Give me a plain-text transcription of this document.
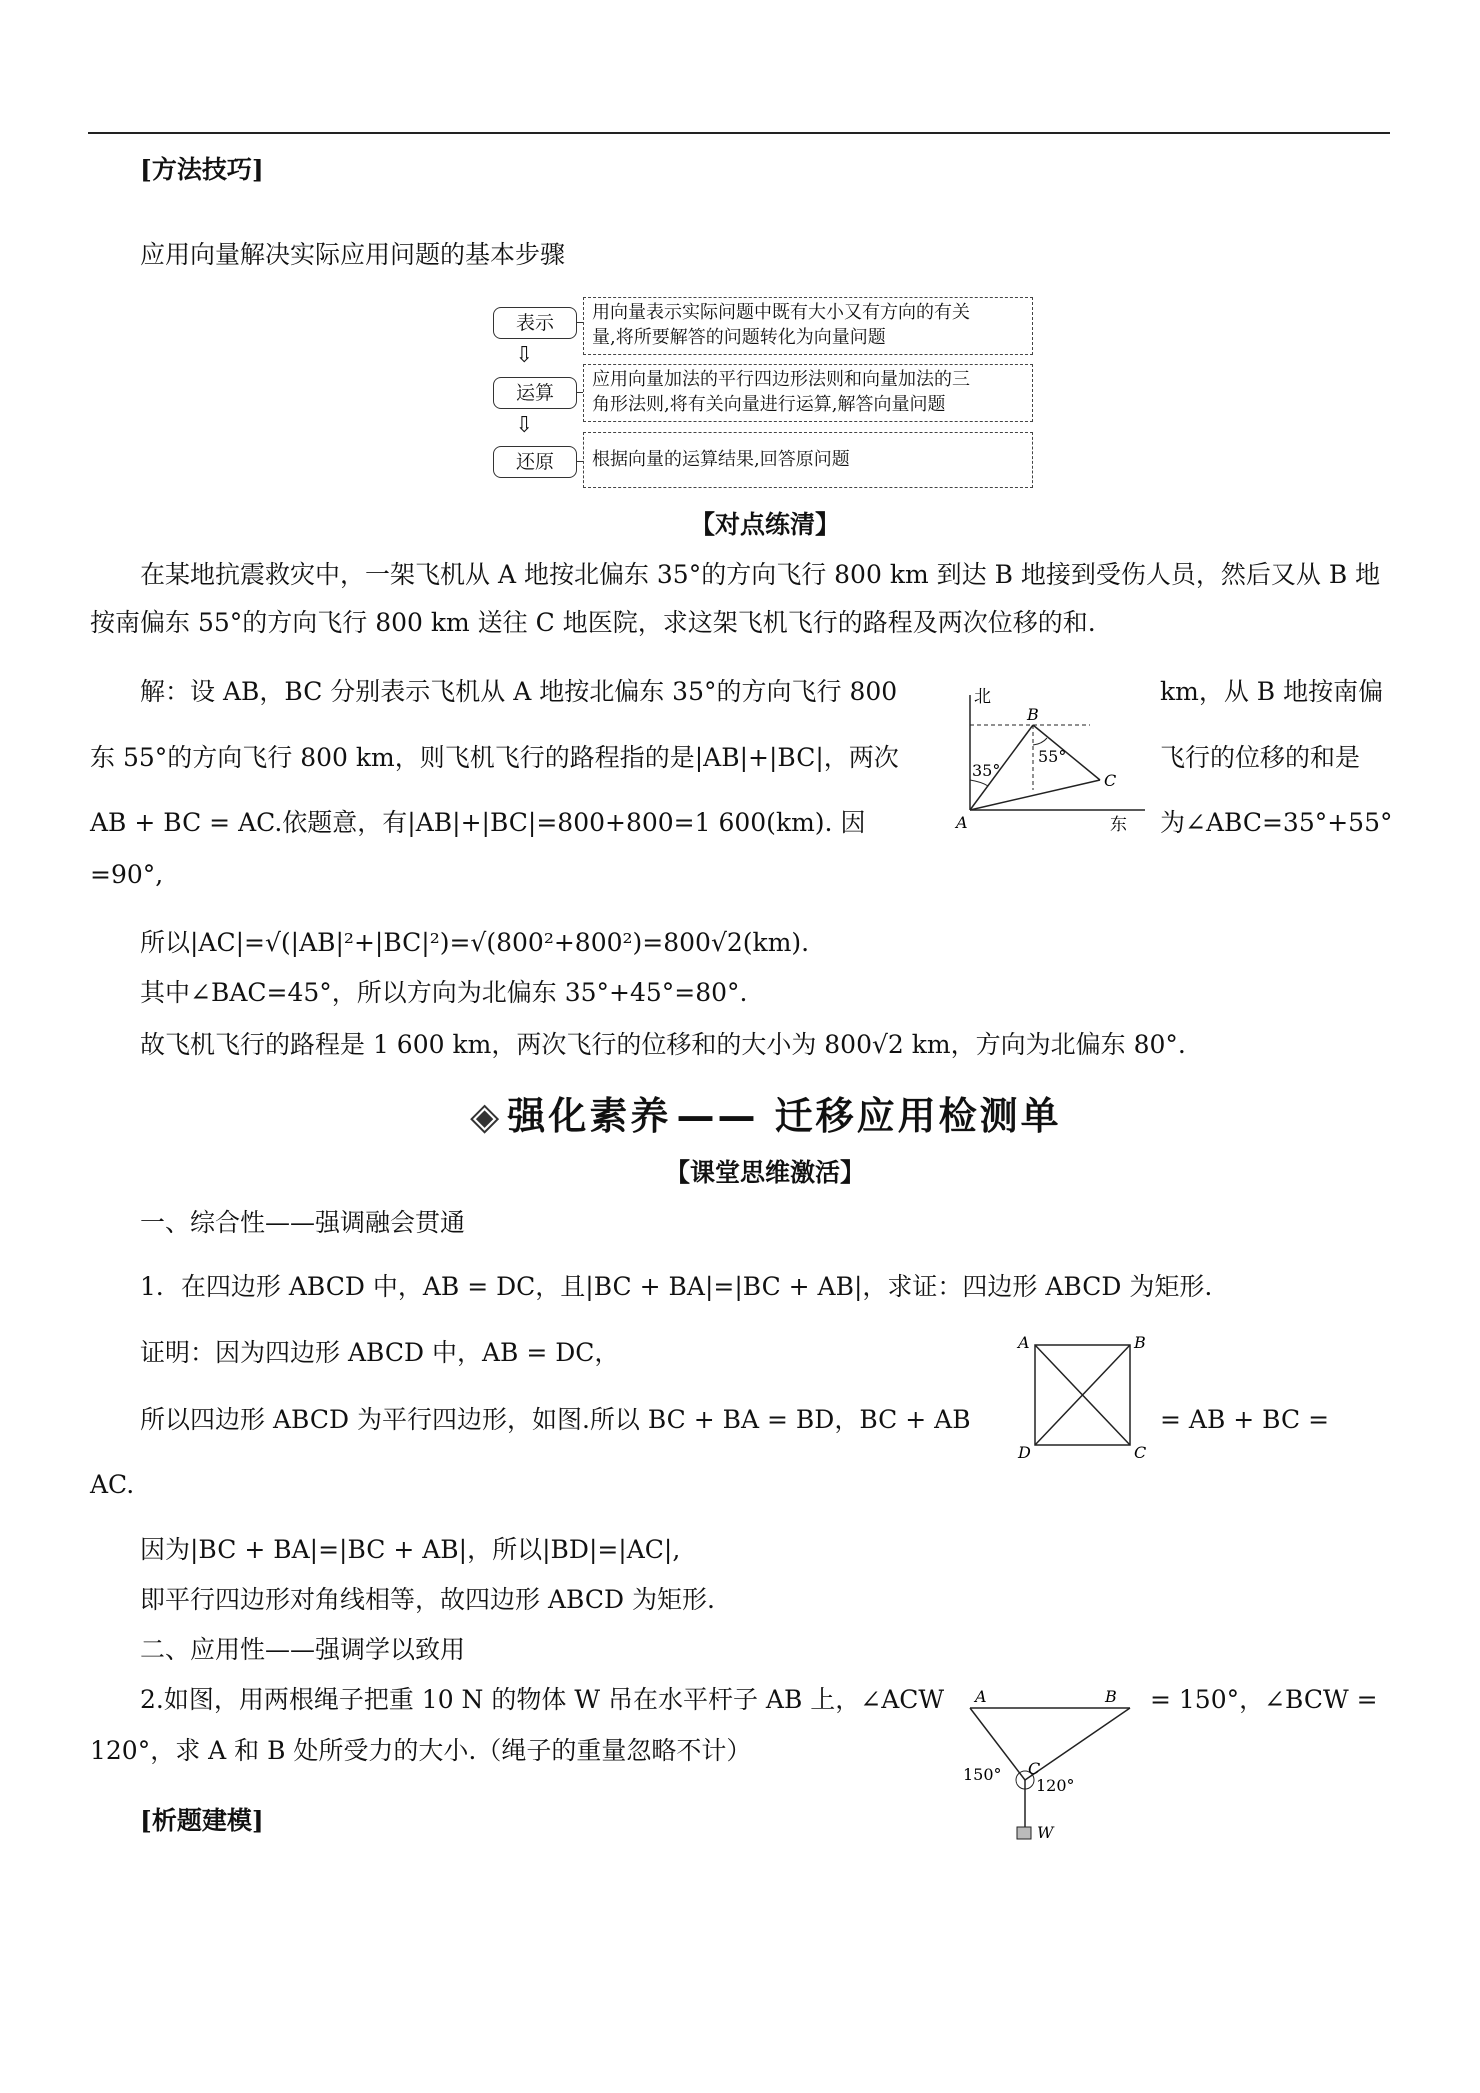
[方法技巧]
应用向量解决实际应用问题的基本步骤
表示
⇩
运算
⇩
还原
用向量表示实际问题中既有大小又有方向的有关
量,将所要解答的问题转化为向量问题
应用向量加法的平行四边形法则和向量加法的三
角形法则,将有关向量进行运算,解答向量问题
根据向量的运算结果,回答原问题
【对点练清】
在某地抗震救灾中，一架飞机从 A 地按北偏东 35°的方向飞行 800 km 到达 B 地接到受伤人员，然后又从 B 地
按南偏东 55°的方向飞行 800 km 送往 C 地医院，求这架飞机飞行的路程及两次位移的和.
解：设 AB，BC 分别表示飞机从 A 地按北偏东 35°的方向飞行 800	km，从 B 地按南偏
东 55°的方向飞行 800 km，则飞机飞行的路程指的是|AB|+|BC|，两次	飞行的位移的和是
AB + BC = AC.依题意，有|AB|+|BC|=800+800=1 600(km). 因	为∠ABC=35°+55°
=90°,
所以|AC|=√(|AB|²+|BC|²)=√(800²+800²)=800√2(km).
其中∠BAC=45°，所以方向为北偏东 35°+45°=80°.
故飞机飞行的路程是 1 600 km，两次飞行的位移和的大小为 800√2 km，方向为北偏东 80°.
北
东
A
B
C
35°
55°
◈ 强化素养 —— 迁移应用检测单
【课堂思维激活】
一、综合性——强调融会贯通
1．在四边形 ABCD 中，AB = DC，且|BC + BA|=|BC + AB|，求证：四边形 ABCD 为矩形.
证明：因为四边形 ABCD 中，AB = DC，
所以四边形 ABCD 为平行四边形，如图.所以 BC + BA = BD，BC + AB	= AB + BC =
AC.
因为|BC + BA|=|BC + AB|，所以|BD|=|AC|,
即平行四边形对角线相等，故四边形 ABCD 为矩形.
A	B
C
D
二、应用性——强调学以致用
2.如图，用两根绳子把重 10 N 的物体 W 吊在水平杆子 AB 上，∠ACW	= 150°，∠BCW =
120°，求 A 和 B 处所受力的大小.（绳子的重量忽略不计）
A	B
C
W
150°
120°
[析题建模]
